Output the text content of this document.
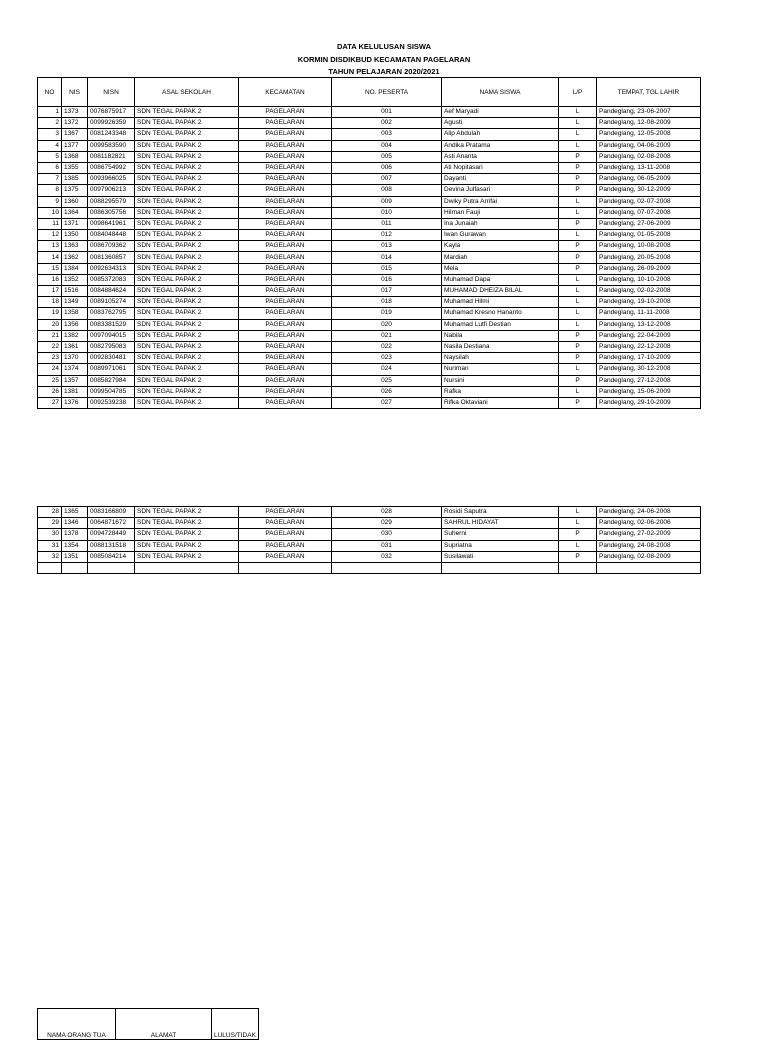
DATA KELULUSAN SISWA
KORMIN DISDIKBUD KECAMATAN PAGELARAN
TAHUN PELAJARAN 2020/2021
NO	NIS	NISN	ASAL SEKOLAH	KECAMATAN	NO. PESERTA	NAMA SISWA	L/P	TEMPAT, TGL LAHIR
1	1373	0076875917	SDN TEGAL PAPAK 2	PAGELARAN	001	Aef Maryadi	L	Pandeglang, 23-06-2007
2	1372	0099926359	SDN TEGAL PAPAK 2	PAGELARAN	002	Agusti	L	Pandeglang, 12-08-2009
3	1367	0081243348	SDN TEGAL PAPAK 2	PAGELARAN	003	Alip Abdulah	L	Pandeglang, 12-05-2008
4	1377	0099583590	SDN TEGAL PAPAK 2	PAGELARAN	004	Andika Pratama	L	Pandeglang, 04-06-2009
5	1368	0081182821	SDN TEGAL PAPAK 2	PAGELARAN	005	Asti Ananta	P	Pandeglang, 02-08-2008
6	1355	0086754992	SDN TEGAL PAPAK 2	PAGELARAN	006	Ati Nopitasari	P	Pandeglang, 13-11-2008
7	1385	0093966025	SDN TEGAL PAPAK 2	PAGELARAN	007	Dayanti	P	Pandeglang, 06-05-2009
8	1375	0097906213	SDN TEGAL PAPAK 2	PAGELARAN	008	Devina Julfasari	P	Pandeglang, 30-12-2009
9	1360	0088295579	SDN TEGAL PAPAK 2	PAGELARAN	009	Dwiky Putra Arrifai	L	Pandeglang, 02-07-2008
10	1364	0086305756	SDN TEGAL PAPAK 2	PAGELARAN	010	Hilman Fauji	L	Pandeglang, 07-07-2008
11	1371	0098641961	SDN TEGAL PAPAK 2	PAGELARAN	011	Ina Junaiah	P	Pandeglang, 27-06-2009
12	1350	0084048448	SDN TEGAL PAPAK 2	PAGELARAN	012	Iwan Gurawan	L	Pandeglang, 01-05-2008
13	1363	0086709362	SDN TEGAL PAPAK 2	PAGELARAN	013	Kayla	P	Pandeglang, 10-08-2008
14	1362	0081360857	SDN TEGAL PAPAK 2	PAGELARAN	014	Mardiah	P	Pandeglang, 20-05-2008
15	1384	0092634313	SDN TEGAL PAPAK 2	PAGELARAN	015	Mela	P	Pandeglang, 26-09-2009
16	1352	0085372083	SDN TEGAL PAPAK 2	PAGELARAN	016	Muhamad Dapa	L	Pandeglang, 10-10-2008
17	1516	0084884624	SDN TEGAL PAPAK 2	PAGELARAN	017	MUHAMAD DHEIZA BILAL	L	Pandeglang, 02-02-2008
18	1349	0089105274	SDN TEGAL PAPAK 2	PAGELARAN	018	Muhamad Hilmi	L	Pandeglang, 19-10-2008
19	1358	0083762795	SDN TEGAL PAPAK 2	PAGELARAN	019	Muhamad Kresno Hananto	L	Pandeglang, 11-11-2008
20	1356	0083381529	SDN TEGAL PAPAK 2	PAGELARAN	020	Muhamad Lutfi Destian	L	Pandeglang, 13-12-2008
21	1382	0097094015	SDN TEGAL PAPAK 2	PAGELARAN	021	Nabila	P	Pandeglang, 22-04-2009
22	1361	0082795083	SDN TEGAL PAPAK 2	PAGELARAN	022	Nasila Destiana	P	Pandeglang, 22-12-2008
23	1370	0092830481	SDN TEGAL PAPAK 2	PAGELARAN	023	Naysilah	P	Pandeglang, 17-10-2009
24	1374	0089971061	SDN TEGAL PAPAK 2	PAGELARAN	024	Nuriman	L	Pandeglang, 30-12-2008
25	1357	0085827984	SDN TEGAL PAPAK 2	PAGELARAN	025	Nursini	P	Pandeglang, 27-12-2008
26	1381	0099504785	SDN TEGAL PAPAK 2	PAGELARAN	026	Rafka	L	Pandeglang, 15-06-2009
27	1376	0092539238	SDN TEGAL PAPAK 2	PAGELARAN	027	Rifka Oktaviani	P	Pandeglang, 29-10-2009
28	1365	0083166809	SDN TEGAL PAPAK 2	PAGELARAN	028	Rosidi Saputra	L	Pandeglang, 24-06-2008
29	1346	0064871672	SDN TEGAL PAPAK 2	PAGELARAN	029	SAHRUL HIDAYAT	L	Pandeglang, 02-06-2006
30	1378	0094728449	SDN TEGAL PAPAK 2	PAGELARAN	030	Suherni	P	Pandeglang, 27-02-2009
31	1354	0088131518	SDN TEGAL PAPAK 2	PAGELARAN	031	Supriatna	L	Pandeglang, 24-08-2008
32	1351	0085084214	SDN TEGAL PAPAK 2	PAGELARAN	032	Susilawati	P	Pandeglang, 02-08-2009

NAMA ORANG TUA	ALAMAT	LULUS/TIDAK
